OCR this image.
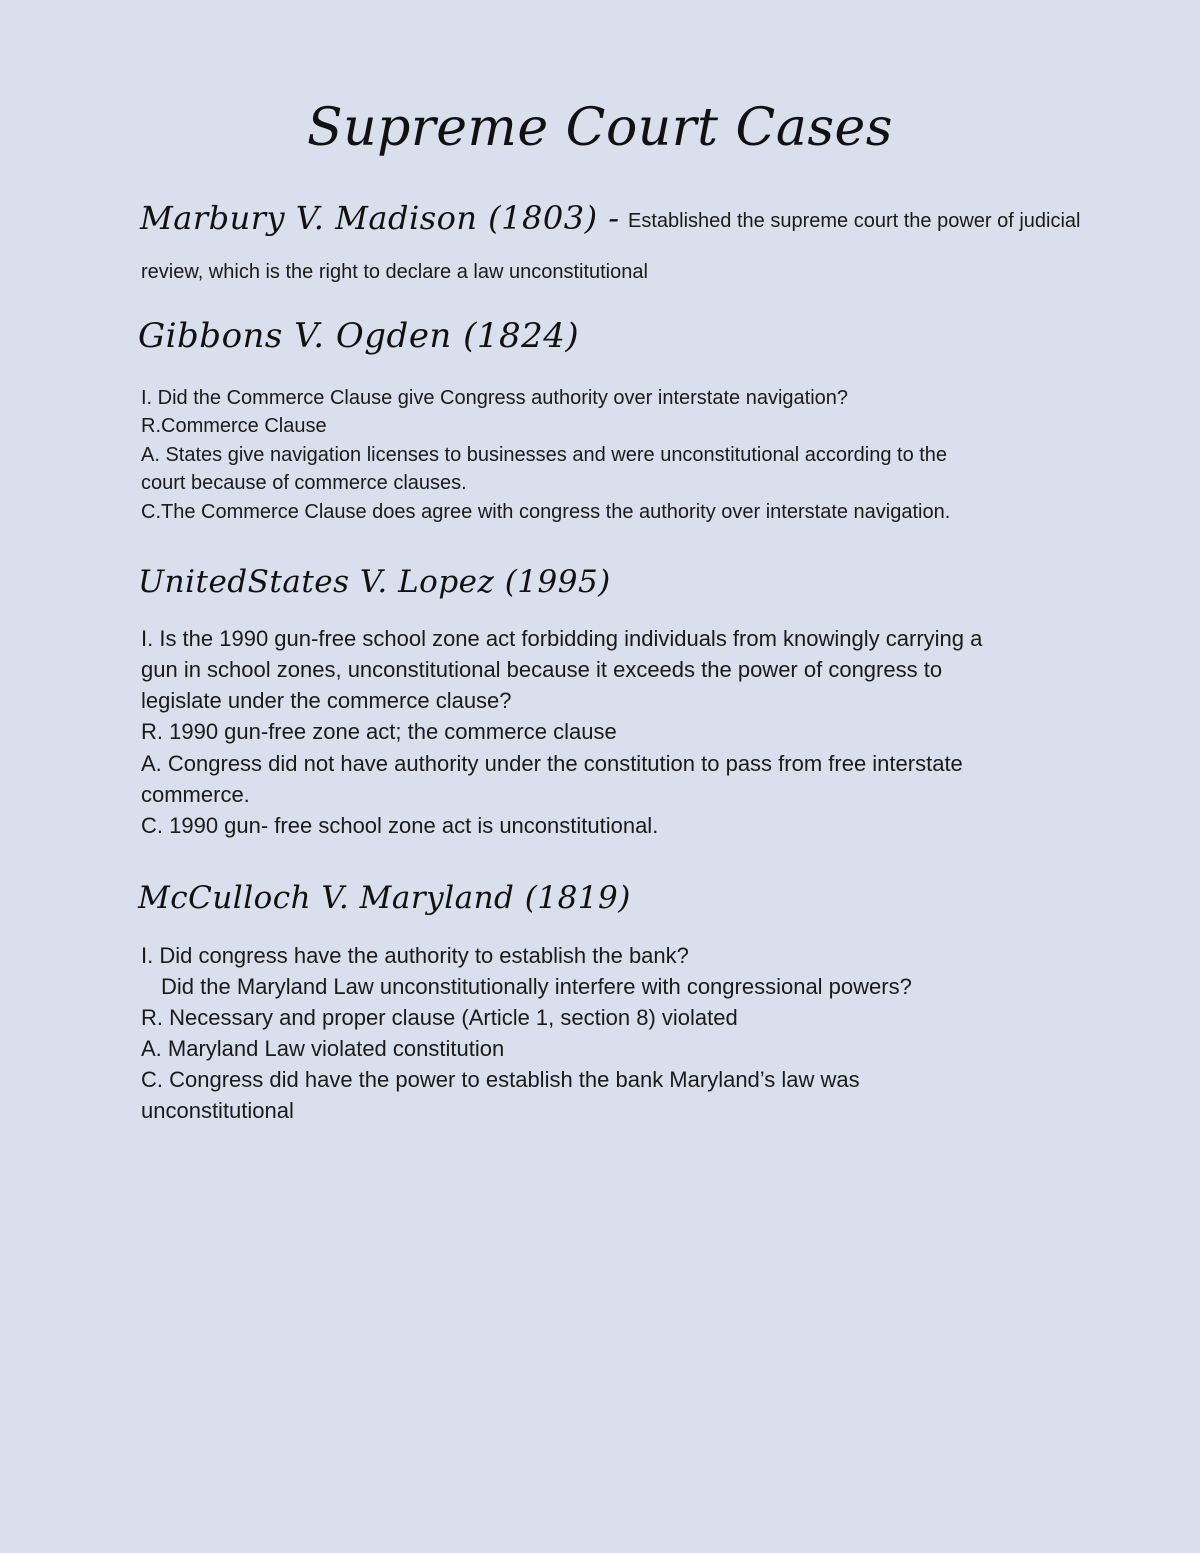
Supreme Court Cases
Marbury V. Madison (1803) - Established the supreme court the power of judicial
review, which is the right to declare a law unconstitutional
Gibbons V. Ogden (1824)
I. Did the Commerce Clause give Congress authority over interstate navigation?
R.Commerce Clause
A. States give navigation licenses to businesses and were unconstitutional according to the
court because of commerce clauses.
C.The Commerce Clause does agree with congress the authority over interstate navigation.
UnitedStates V. Lopez (1995)
I. Is the 1990 gun-free school zone act forbidding individuals from knowingly carrying a
gun in school zones, unconstitutional because it exceeds the power of congress to
legislate under the commerce clause?
R. 1990 gun-free zone act; the commerce clause
A. Congress did not have authority under the constitution to pass from free interstate
commerce.
C. 1990 gun- free school zone act is unconstitutional.
McCulloch V. Maryland (1819)
I. Did congress have the authority to establish the bank?
Did the Maryland Law unconstitutionally interfere with congressional powers?
R. Necessary and proper clause (Article 1, section 8) violated
A. Maryland Law violated constitution
C. Congress did have the power to establish the bank Maryland’s law was
unconstitutional
